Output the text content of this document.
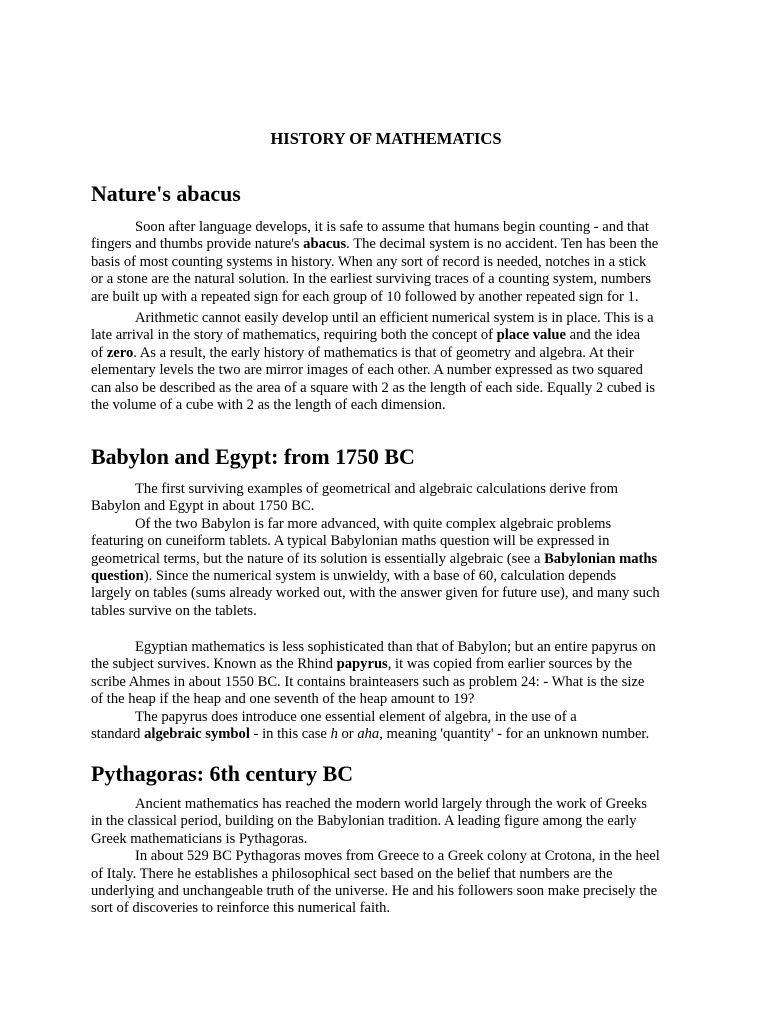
HISTORY OF MATHEMATICS
Nature's abacus

Soon after language develops, it is safe to assume that humans begin counting - and that
fingers and thumbs provide nature's abacus. The decimal system is no accident. Ten has been the
basis of most counting systems in history. When any sort of record is needed, notches in a stick
or a stone are the natural solution. In the earliest surviving traces of a counting system, numbers
are built up with a repeated sign for each group of 10 followed by another repeated sign for 1.

Arithmetic cannot easily develop until an efficient numerical system is in place. This is a
late arrival in the story of mathematics, requiring both the concept of place value and the idea
of zero. As a result, the early history of mathematics is that of geometry and algebra. At their
elementary levels the two are mirror images of each other. A number expressed as two squared
can also be described as the area of a square with 2 as the length of each side. Equally 2 cubed is
the volume of a cube with 2 as the length of each dimension.

Babylon and Egypt: from 1750 BC

The first surviving examples of geometrical and algebraic calculations derive from
Babylon and Egypt in about 1750 BC.
Of the two Babylon is far more advanced, with quite complex algebraic problems
featuring on cuneiform tablets. A typical Babylonian maths question will be expressed in
geometrical terms, but the nature of its solution is essentially algebraic (see a Babylonian maths
question). Since the numerical system is unwieldy, with a base of 60, calculation depends
largely on tables (sums already worked out, with the answer given for future use), and many such
tables survive on the tablets.

Egyptian mathematics is less sophisticated than that of Babylon; but an entire papyrus on
the subject survives. Known as the Rhind papyrus, it was copied from earlier sources by the
scribe Ahmes in about 1550 BC. It contains brainteasers such as problem 24: - What is the size
of the heap if the heap and one seventh of the heap amount to 19?
The papyrus does introduce one essential element of algebra, in the use of a
standard algebraic symbol - in this case h or aha, meaning 'quantity' - for an unknown number.

Pythagoras: 6th century BC

Ancient mathematics has reached the modern world largely through the work of Greeks
in the classical period, building on the Babylonian tradition. A leading figure among the early
Greek mathematicians is Pythagoras.
In about 529 BC Pythagoras moves from Greece to a Greek colony at Crotona, in the heel
of Italy. There he establishes a philosophical sect based on the belief that numbers are the
underlying and unchangeable truth of the universe. He and his followers soon make precisely the
sort of discoveries to reinforce this numerical faith.
